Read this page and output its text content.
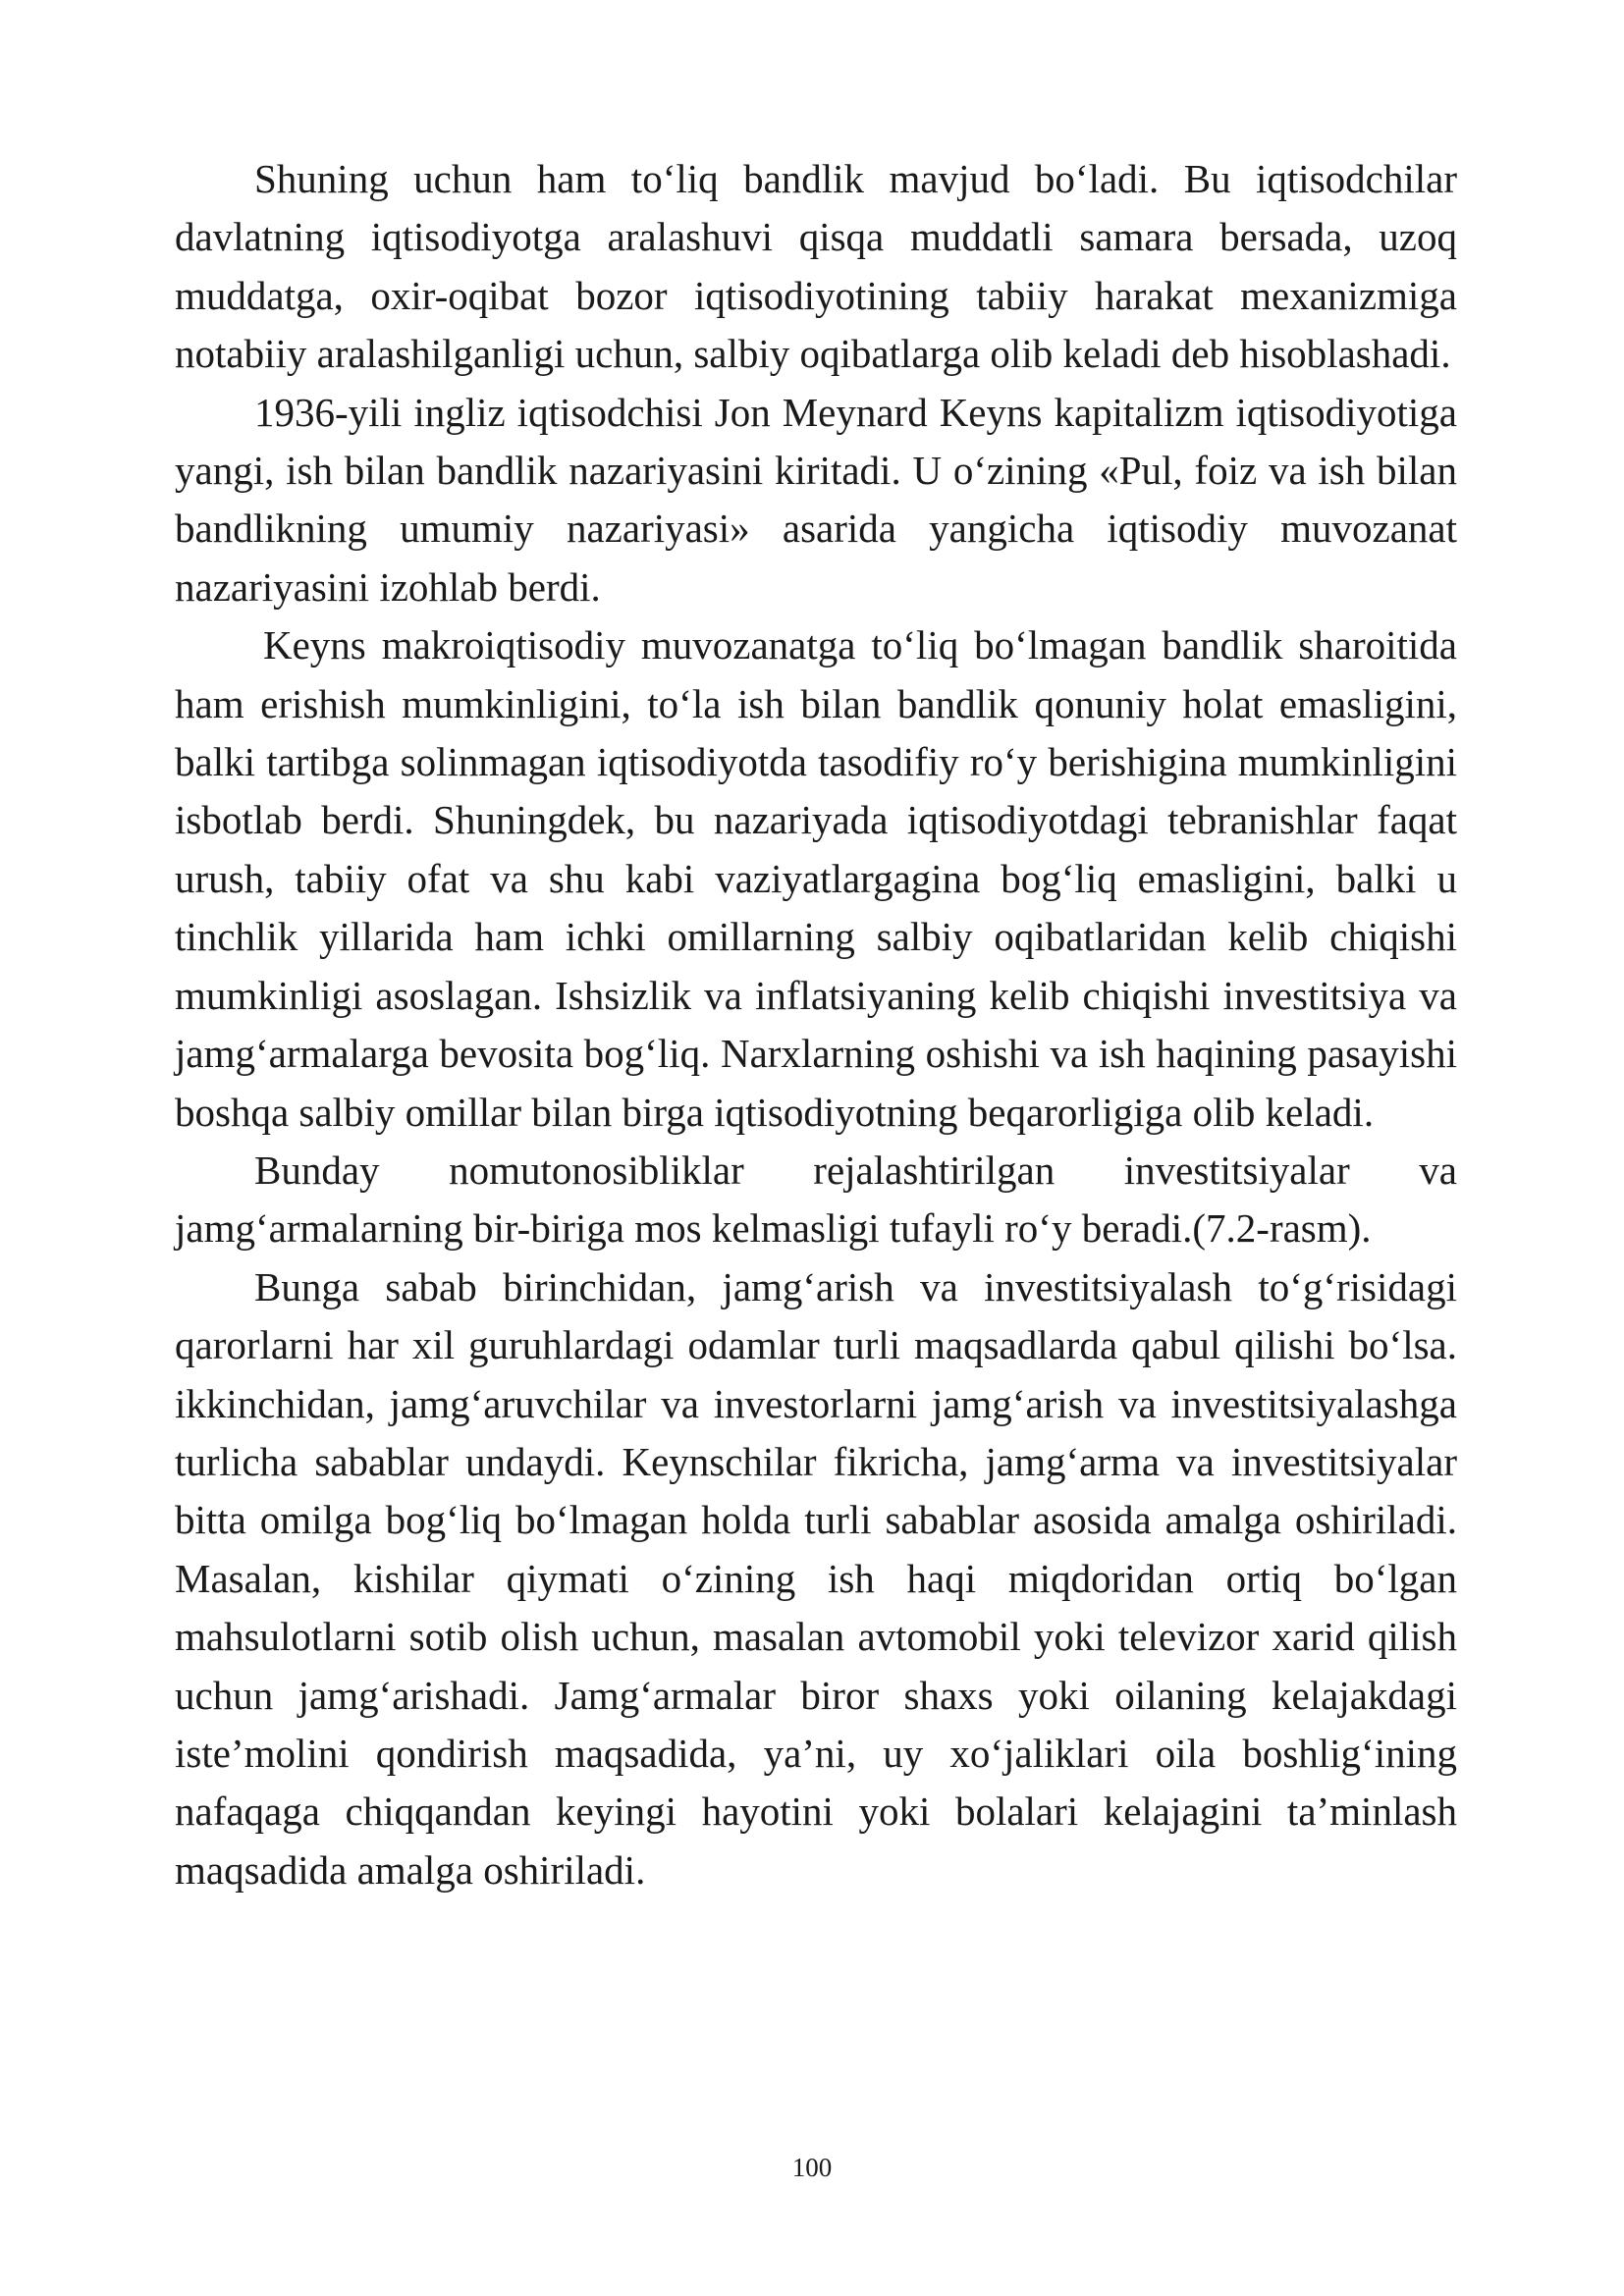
Shuning uchun ham to‘liq bandlik mavjud bo‘ladi. Bu iqtisodchilar davlatning iqtisodiyotga aralashuvi qisqa muddatli samara bersada, uzoq muddatga, oxir-oqibat bozor iqtisodiyotining tabiiy harakat mexanizmiga notabiiy aralashilganligi uchun, salbiy oqibatlarga olib keladi deb hisoblashadi.

1936-yili ingliz iqtisodchisi Jon Meynard Keyns kapitalizm iqtisodiyotiga yangi, ish bilan bandlik nazariyasini kiritadi. U o‘zining «Pul, foiz va ish bilan bandlikning umumiy nazariyasi» asarida yangicha iqtisodiy muvozanat nazariyasini izohlab berdi.

Keyns makroiqtisodiy muvozanatga to‘liq bo‘lmagan bandlik sharoitida ham erishish mumkinligini, to‘la ish bilan bandlik qonuniy holat emasligini, balki tartibga solinmagan iqtisodiyotda tasodifiy ro‘y berishigina mumkinligini isbotlab berdi. Shuningdek, bu nazariyada iqtisodiyotdagi tebranishlar faqat urush, tabiiy ofat va shu kabi vaziyatlargagina bog‘liq emasligini, balki u tinchlik yillarida ham ichki omillarning salbiy oqibatlaridan kelib chiqishi mumkinligi asoslagan. Ishsizlik va inflatsiyaning kelib chiqishi investitsiya va jamg‘armalarga bevosita bog‘liq. Narxlarning oshishi va ish haqining pasayishi boshqa salbiy omillar bilan birga iqtisodiyotning beqarorligiga olib keladi.

Bunday nomutonosibliklar rejalashtirilgan investitsiyalar va jamg‘armalarning bir-biriga mos kelmasligi tufayli ro‘y beradi.(7.2-rasm).

Bunga sabab birinchidan, jamg‘arish va investitsiyalash to‘g‘risidagi qarorlarni har xil guruhlardagi odamlar turli maqsadlarda qabul qilishi bo‘lsa. ikkinchidan, jamg‘aruvchilar va investorlarni jamg‘arish va investitsiyalashga turlicha sabablar undaydi. Keynschilar fikricha, jamg‘arma va investitsiyalar bitta omilga bog‘liq bo‘lmagan holda turli sabablar asosida amalga oshiriladi. Masalan, kishilar qiymati o‘zining ish haqi miqdoridan ortiq bo‘lgan mahsulotlarni sotib olish uchun, masalan avtomobil yoki televizor xarid qilish uchun jamg‘arishadi. Jamg‘armalar biror shaxs yoki oilaning kelajakdagi iste’molini qondirish maqsadida, ya’ni, uy xo‘jaliklari oila boshlig‘ining nafaqaga chiqqandan keyingi hayotini yoki bolalari kelajagini ta’minlash maqsadida amalga oshiriladi.

100
